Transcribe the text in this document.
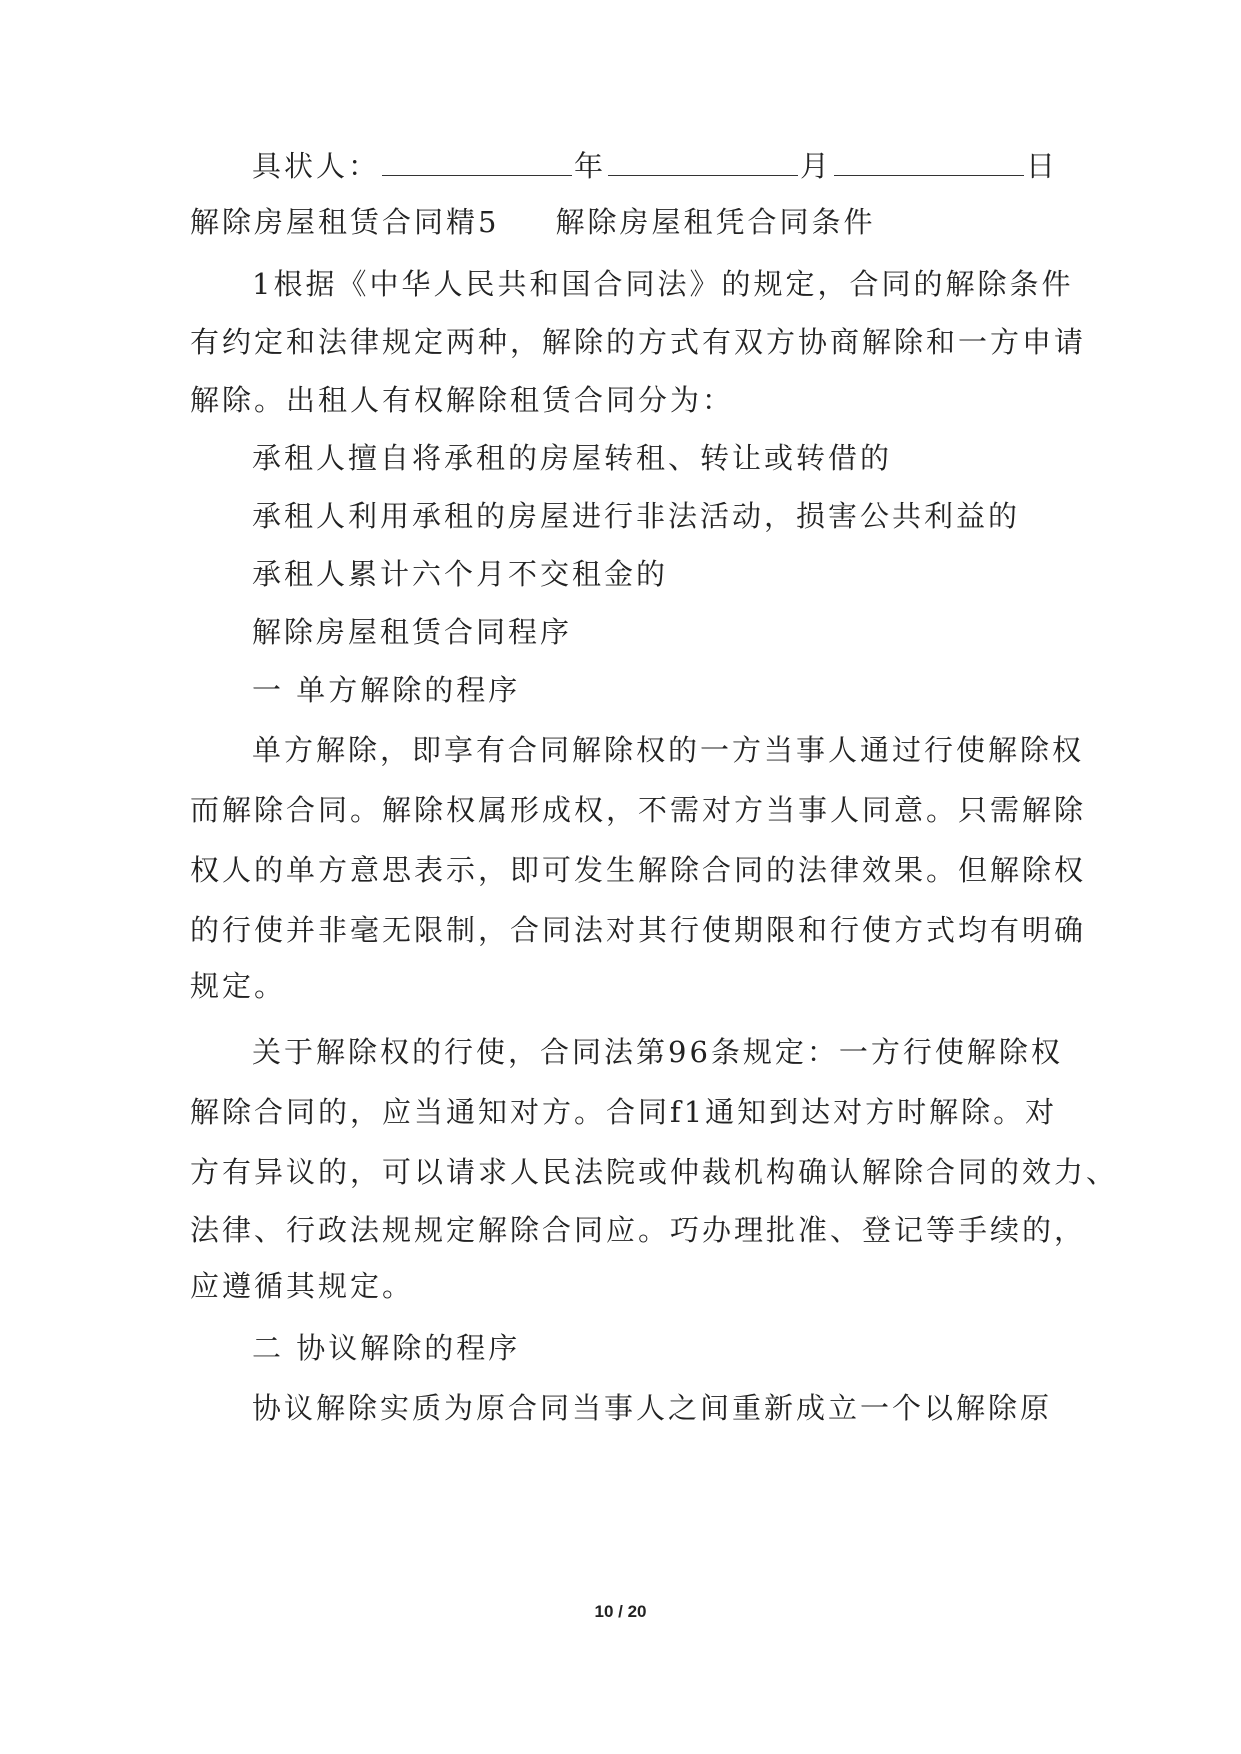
具状人：	年	月	日

解除房屋租赁合同精5 解除房屋租凭合同条件

1根据《中华人民共和国合同法》的规定，合同的解除条件

有约定和法律规定两种，解除的方式有双方协商解除和一方申请

解除。出租人有权解除租赁合同分为：

承租人擅自将承租的房屋转租、转让或转借的

承租人利用承租的房屋进行非法活动，损害公共利益的

承租人累计六个月不交租金的

解除房屋租赁合同程序

一 单方解除的程序

单方解除，即享有合同解除权的一方当事人通过行使解除权

而解除合同。解除权属形成权，不需对方当事人同意。只需解除

权人的单方意思表示，即可发生解除合同的法律效果。但解除权

的行使并非毫无限制，合同法对其行使期限和行使方式均有明确

规定。

关于解除权的行使，合同法第96条规定：一方行使解除权

解除合同的，应当通知对方。合同f1通知到达对方时解除。对

方有异议的，可以请求人民法院或仲裁机构确认解除合同的效力、

法律、行政法规规定解除合同应。巧办理批准、登记等手续的，

应遵循其规定。

二 协议解除的程序

协议解除实质为原合同当事人之间重新成立一个以解除原

10 / 20
